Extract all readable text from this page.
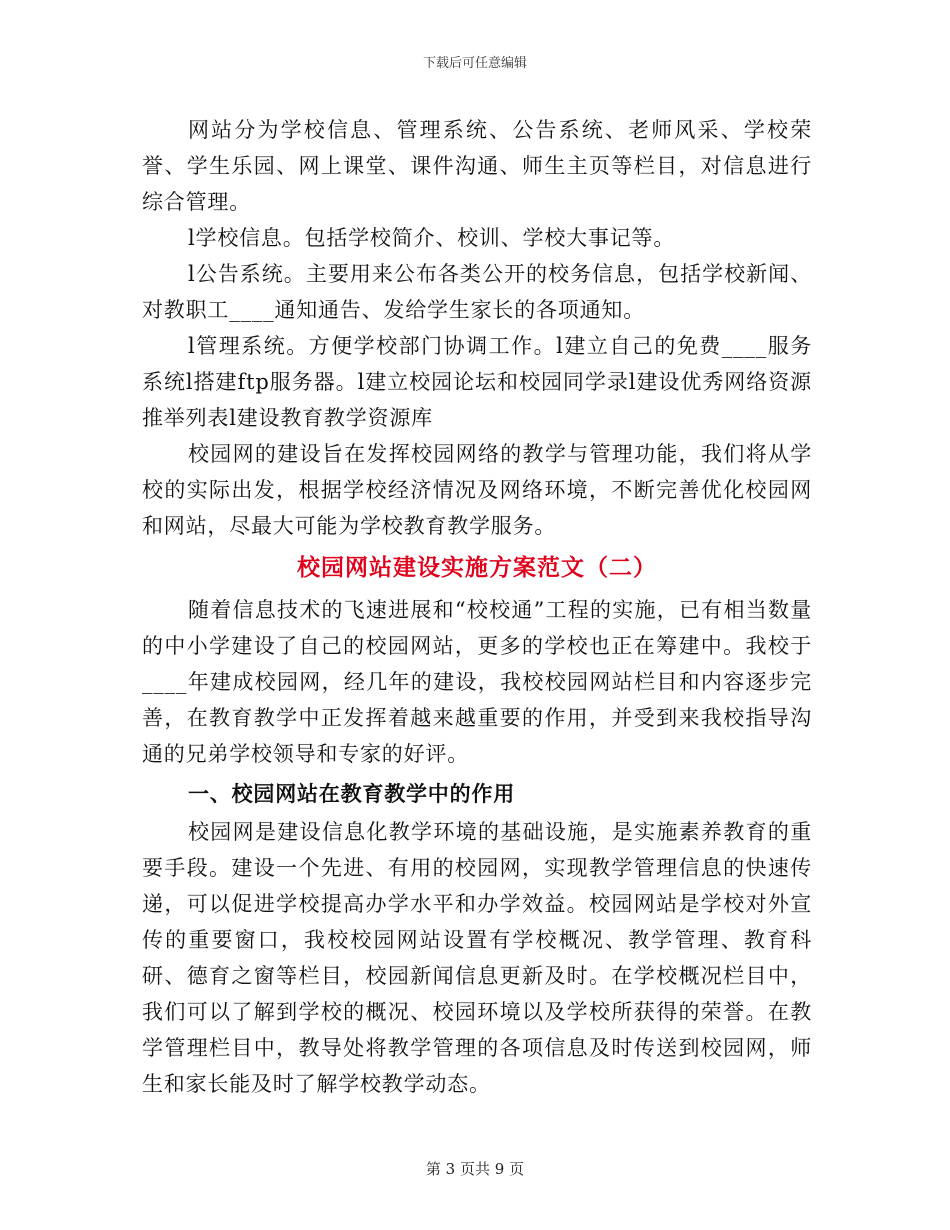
下载后可任意编辑

网站分为学校信息、管理系统、公告系统、老师风采、学校荣誉、学生乐园、网上课堂、课件沟通、师生主页等栏目，对信息进行综合管理。

l学校信息。包括学校简介、校训、学校大事记等。

l公告系统。主要用来公布各类公开的校务信息，包括学校新闻、对教职工____通知通告、发给学生家长的各项通知。

l管理系统。方便学校部门协调工作。l建立自己的免费____服务系统l搭建ftp服务器。l建立校园论坛和校园同学录l建设优秀网络资源推举列表l建设教育教学资源库

校园网的建设旨在发挥校园网络的教学与管理功能，我们将从学校的实际出发，根据学校经济情况及网络环境，不断完善优化校园网和网站，尽最大可能为学校教育教学服务。

校园网站建设实施方案范文（二）

随着信息技术的飞速进展和“校校通”工程的实施，已有相当数量的中小学建设了自己的校园网站，更多的学校也正在筹建中。我校于____年建成校园网，经几年的建设，我校校园网站栏目和内容逐步完善，在教育教学中正发挥着越来越重要的作用，并受到来我校指导沟通的兄弟学校领导和专家的好评。

一、校园网站在教育教学中的作用

校园网是建设信息化教学环境的基础设施，是实施素养教育的重要手段。建设一个先进、有用的校园网，实现教学管理信息的快速传递，可以促进学校提高办学水平和办学效益。校园网站是学校对外宣传的重要窗口，我校校园网站设置有学校概况、教学管理、教育科研、德育之窗等栏目，校园新闻信息更新及时。在学校概况栏目中，我们可以了解到学校的概况、校园环境以及学校所获得的荣誉。在教学管理栏目中，教导处将教学管理的各项信息及时传送到校园网，师生和家长能及时了解学校教学动态。

第 3 页共 9 页
